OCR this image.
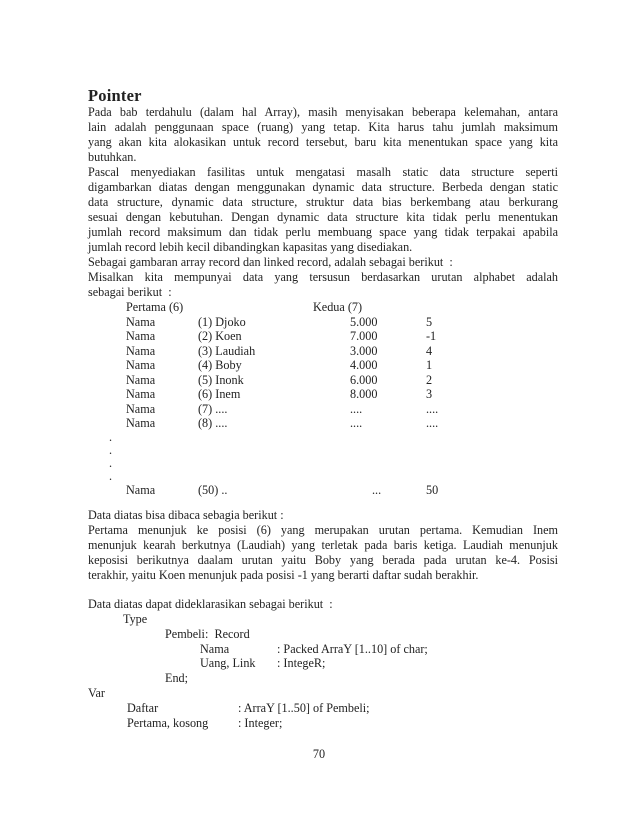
Pointer
Pada bab terdahulu (dalam hal Array), masih menyisakan beberapa kelemahan, antara
lain adalah penggunaan space (ruang) yang tetap. Kita harus tahu jumlah maksimum
yang akan kita alokasikan untuk record tersebut, baru kita menentukan space yang kita
butuhkan.
Pascal menyediakan fasilitas untuk mengatasi masalh static data structure seperti
digambarkan diatas dengan menggunakan dynamic data structure. Berbeda dengan static
data structure, dynamic data structure, struktur data bias berkembang atau berkurang
sesuai dengan kebutuhan. Dengan dynamic data structure kita tidak perlu menentukan
jumlah record maksimum dan tidak perlu membuang space yang tidak terpakai apabila
jumlah record lebih kecil dibandingkan kapasitas yang disediakan.
Sebagai gambaran array record dan linked record, adalah sebagai berikut  :
Misalkan kita mempunyai data yang tersusun berdasarkan urutan alphabet adalah
sebagai berikut  :
Pertama (6)	Kedua (7)
Nama	(1) Djoko	5.000	5
Nama	(2) Koen	7.000	-1
Nama	(3) Laudiah	3.000	4
Nama	(4) Boby	4.000	1
Nama	(5) Inonk	6.000	2
Nama	(6) Inem	8.000	3
Nama	(7) ....	....	....
Nama	(8) ....	....	....
.
.
.
.
Nama	(50) ..	...	50
Data diatas bisa dibaca sebagia berikut :
Pertama menunjuk ke posisi (6) yang merupakan urutan pertama. Kemudian Inem
menunjuk kearah berkutnya (Laudiah) yang terletak pada baris ketiga. Laudiah menunjuk
keposisi berikutnya daalam urutan yaitu Boby yang berada pada urutan ke-4. Posisi
terakhir, yaitu Koen menunjuk pada posisi -1 yang berarti daftar sudah berakhir.
Data diatas dapat dideklarasikan sebagai berikut  :
Type
Pembeli :  Record
Nama	: Packed ArraY [1..10] of char;
Uang, Link : IntegeR;
End;
Var
Daftar	: ArraY [1..50] of Pembeli;
Pertama, kosong : Integer;
70
